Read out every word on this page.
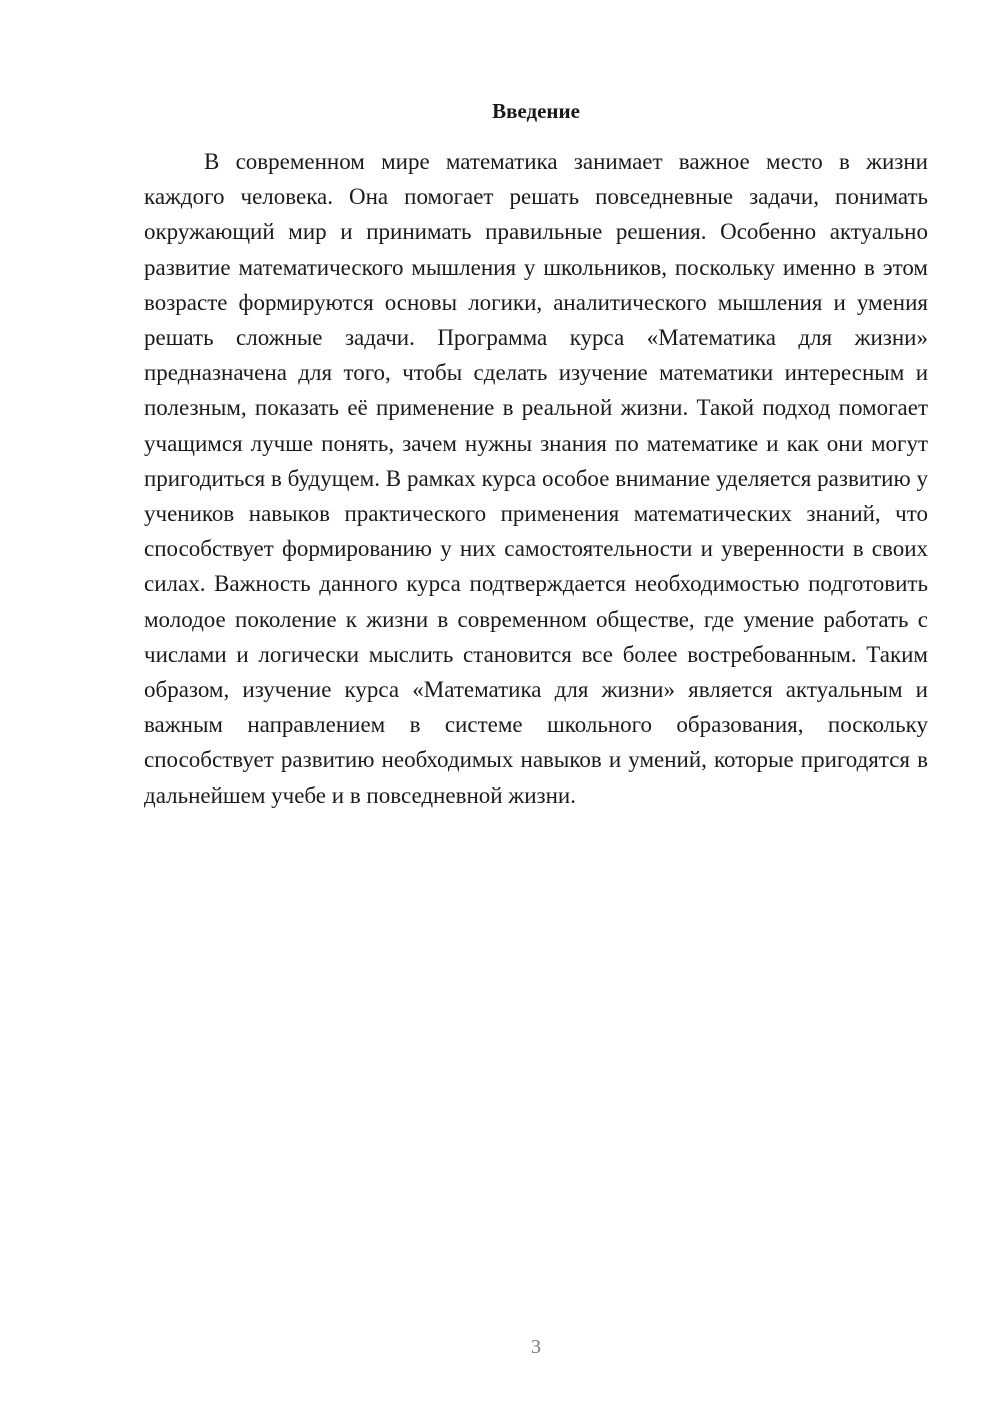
Введение

В современном мире математика занимает важное место в жизни каждого человека. Она помогает решать повседневные задачи, понимать окружающий мир и принимать правильные решения. Особенно актуально развитие математического мышления у школьников, поскольку именно в этом возрасте формируются основы логики, аналитического мышления и умения решать сложные задачи. Программа курса «Математика для жизни» предназначена для того, чтобы сделать изучение математики интересным и полезным, показать её применение в реальной жизни. Такой подход помогает учащимся лучше понять, зачем нужны знания по математике и как они могут пригодиться в будущем. В рамках курса особое внимание уделяется развитию у учеников навыков практического применения математических знаний, что способствует формированию у них самостоятельности и уверенности в своих силах. Важность данного курса подтверждается необходимостью подготовить молодое поколение к жизни в современном обществе, где умение работать с числами и логически мыслить становится все более востребованным. Таким образом, изучение курса «Математика для жизни» является актуальным и важным направлением в системе школьного образования, поскольку способствует развитию необходимых навыков и умений, которые пригодятся в дальнейшем учебе и в повседневной жизни.

3
